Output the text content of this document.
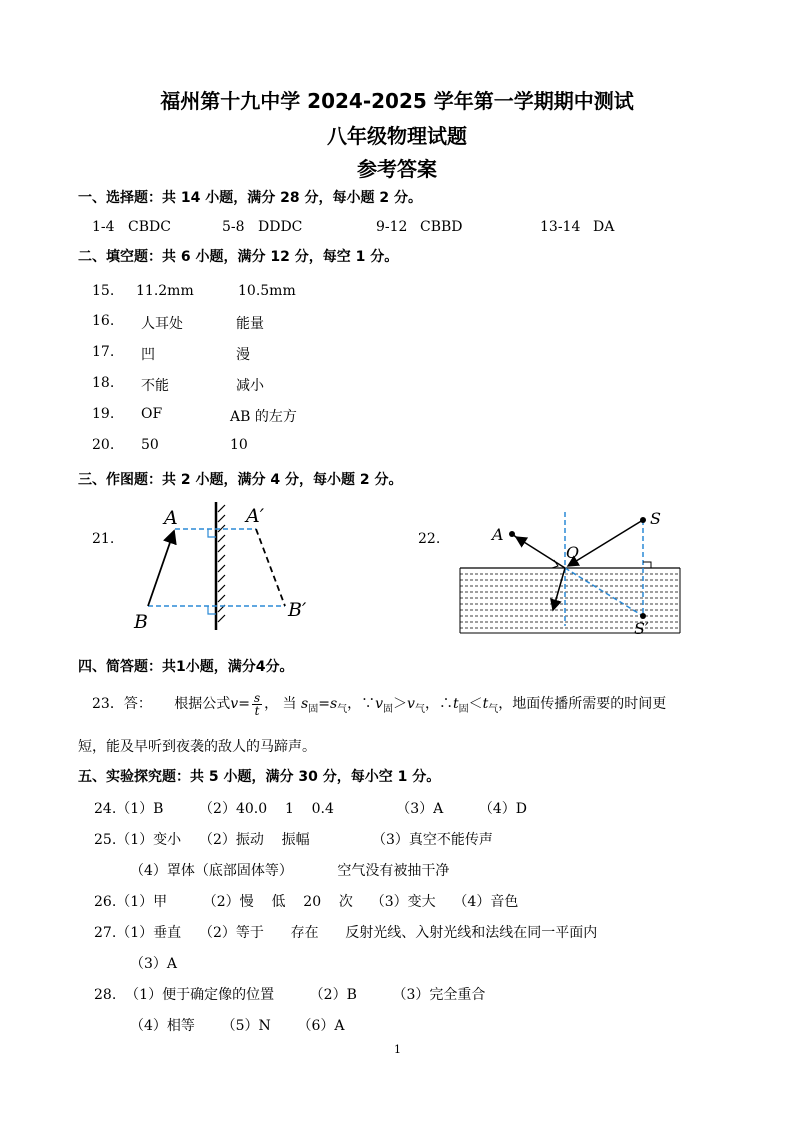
福州第十九中学 2024-2025 学年第一学期期中测试
八年级物理试题
参考答案
一、选择题：共 14 小题，满分 28 分，每小题 2 分。
1-4 CBDC	5-8 DDDC	9-12 CBBD	13-14 DA
二、填空题：共 6 小题，满分 12 分，每空 1 分。
15. 11.2mm	10.5mm
16. 人耳处	能量
17. 凹	漫
18. 不能	减小
19. OF	AB 的左方
20. 50	10
三、作图题：共 2 小题，满分 4 分，每小题 2 分。
21.
A	A′
B
B′
22.	A
O
S
S′
四、简答题：共1小题，满分4分。
23．答： 根据公式$v= \frac{s}{t}$ ， 当 $s_固=s_气$，$\because v_固>v_气$，$\therefore t_固<t_气$，地面传播所需要的时间更
短，能及早听到夜袭的敌人的马蹄声。
五、实验探究题：共 5 小题，满分 30 分，每小空 1 分。
24.（1）B        （2）40.0    1    0.4              （3）A        （4）D
25.（1）变小    （2）振动    振幅              （3）真空不能传声
（4）罩体（底部固体等）          空气没有被抽干净
26.（1）甲        （2）慢    低    20    次    （3）变大    （4）音色
27.（1）垂直    （2）等于      存在      反射光线、入射光线和法线在同一平面内
（3）A
28.  （1）便于确定像的位置        （2）B        （3）完全重合
（4）相等      （5）N      （6）A
1
